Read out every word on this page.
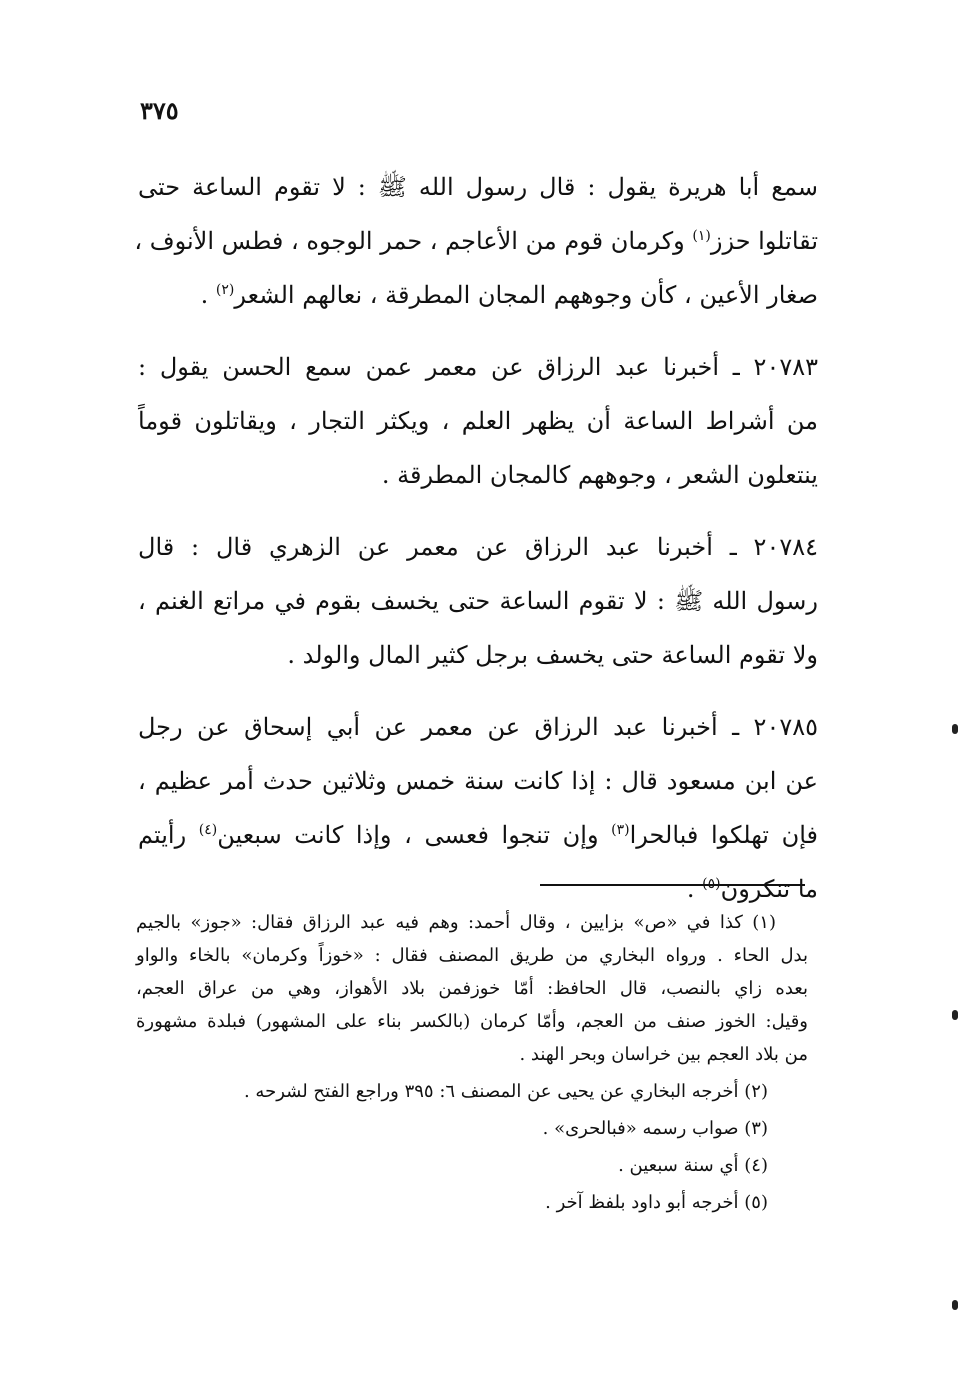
٣٧٥
سمع أبا هريرة يقول : قال رسول الله ﷺ : لا تقوم الساعة حتى
تقاتلوا حزز$^{(١)}$ وكرمان قوم من الأعاجم ، حمر الوجوه ، فطس الأنوف ،
صغار الأعين ، كأن وجوههم المجان المطرقة ، نعالهم الشعر$^{(٢)}$ .
٢٠٧٨٣ ـ أخبرنا عبد الرزاق عن معمر عمن سمع الحسن يقول :
من أشراط الساعة أن يظهر العلم ، ويكثر التجار ، ويقاتلون قوماً
ينتعلون الشعر ، وجوههم كالمجان المطرقة .
٢٠٧٨٤ ـ أخبرنا عبد الرزاق عن معمر عن الزهري قال : قال
رسول الله ﷺ : لا تقوم الساعة حتى يخسف بقوم في مراتع الغنم ،
ولا تقوم الساعة حتى يخسف برجل كثير المال والولد .
٢٠٧٨٥ ـ أخبرنا عبد الرزاق عن معمر عن أبي إسحاق عن رجل
عن ابن مسعود قال : إذا كانت سنة خمس وثلاثين حدث أمر عظيم ،
فإن تهلكوا فبالحرا$^{(٣)}$ وإن تنجوا فعسى ، وإذا كانت سبعين$^{(٤)}$ رأيتم
ما تنكرون$^{(٥)}$ .
(١) كذا في «ص» بزايين ، وقال أحمد: وهم فيه عبد الرزاق فقال: «جوز» بالجيم
بدل الحاء . ورواه البخاري من طريق المصنف فقال : «خوزاً وكرمان» بالخاء والواو
بعده زاي بالنصب، قال الحافظ: أمّا خوزفمن بلاد الأهواز، وهي من عراق العجم،
وقيل: الخوز صنف من العجم، وأمّا كرمان (بالكسر بناء على المشهور) فبلدة مشهورة
من بلاد العجم بين خراسان وبحر الهند .
(٢) أخرجه البخاري عن يحيى عن المصنف ٦: ٣٩٥ وراجع الفتح لشرحه .
(٣) صواب رسمه «فبالحرى» .
(٤) أي سنة سبعين .
(٥) أخرجه أبو داود بلفظ آخر .
